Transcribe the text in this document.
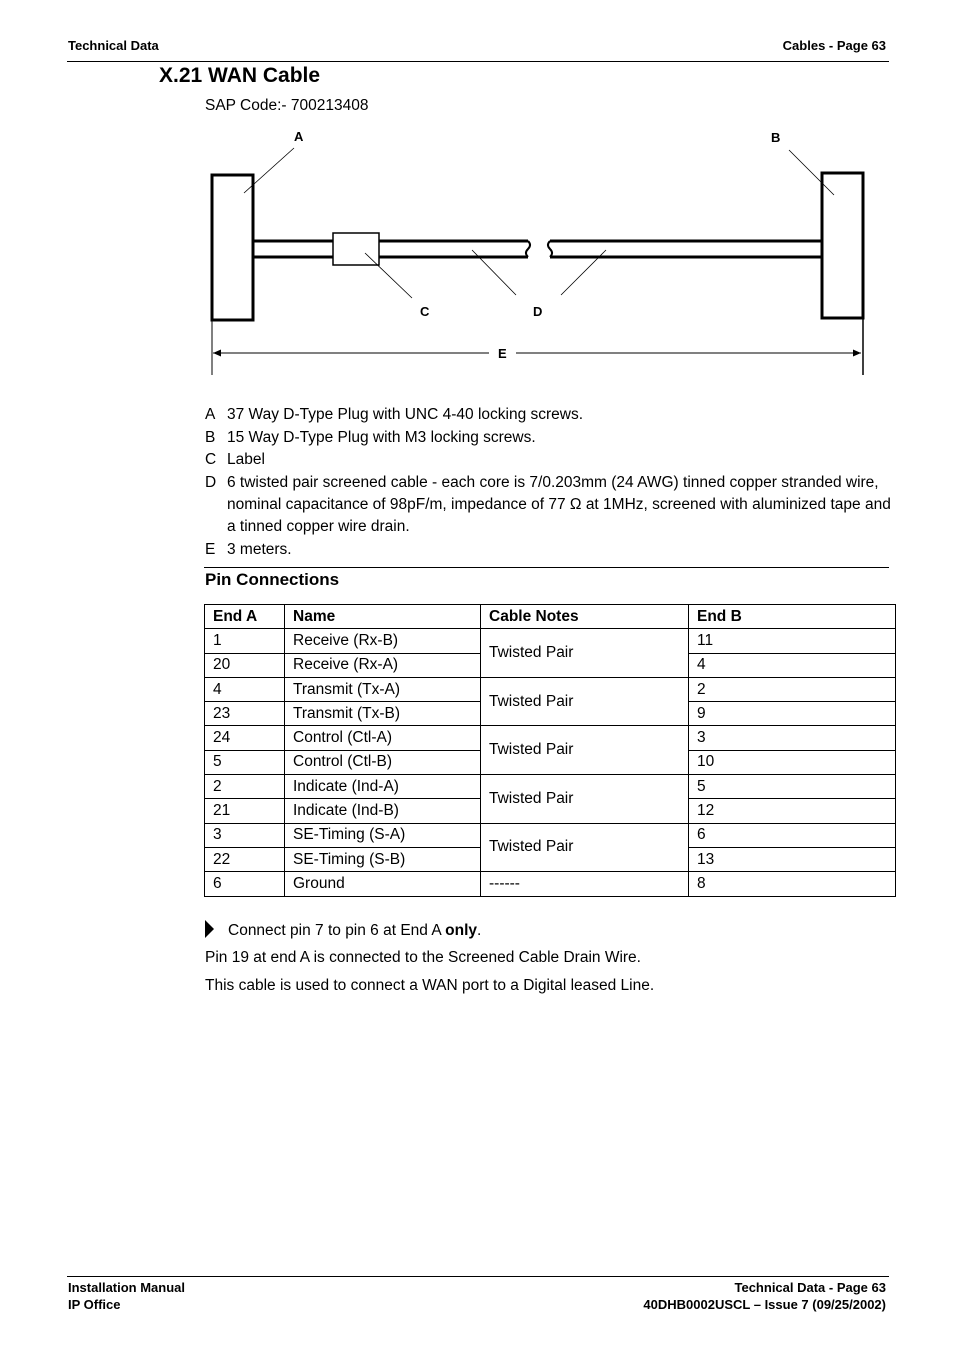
Technical Data	Cables - Page 63
X.21 WAN Cable
SAP Code:- 700213408
A	B
C	D
E
A 37 Way D-Type Plug with UNC 4-40 locking screws.
B 15 Way D-Type Plug with M3 locking screws.
C Label
D 6 twisted pair screened cable - each core is 7/0.203mm (24 AWG) tinned copper stranded wire, nominal capacitance of 98pF/m, impedance of 77 Ω at 1MHz, screened with aluminized tape and a tinned copper wire drain.
E 3 meters.
Pin Connections
End A	Name	Cable Notes	End B
1	Receive (Rx-B)	Twisted Pair	11
20	Receive (Rx-A)		4
4	Transmit (Tx-A)	Twisted Pair	2
23	Transmit (Tx-B)		9
24	Control (Ctl-A)	Twisted Pair	3
5	Control (Ctl-B)		10
2	Indicate (Ind-A)	Twisted Pair	5
21	Indicate (Ind-B)		12
3	SE-Timing (S-A)	Twisted Pair	6
22	SE-Timing (S-B)		13
6	Ground	------	8
Connect pin 7 to pin 6 at End A only.
Pin 19 at end A is connected to the Screened Cable Drain Wire.
This cable is used to connect a WAN port to a Digital leased Line.
Installation Manual
IP Office
Technical Data - Page 63
40DHB0002USCL – Issue 7 (09/25/2002)
